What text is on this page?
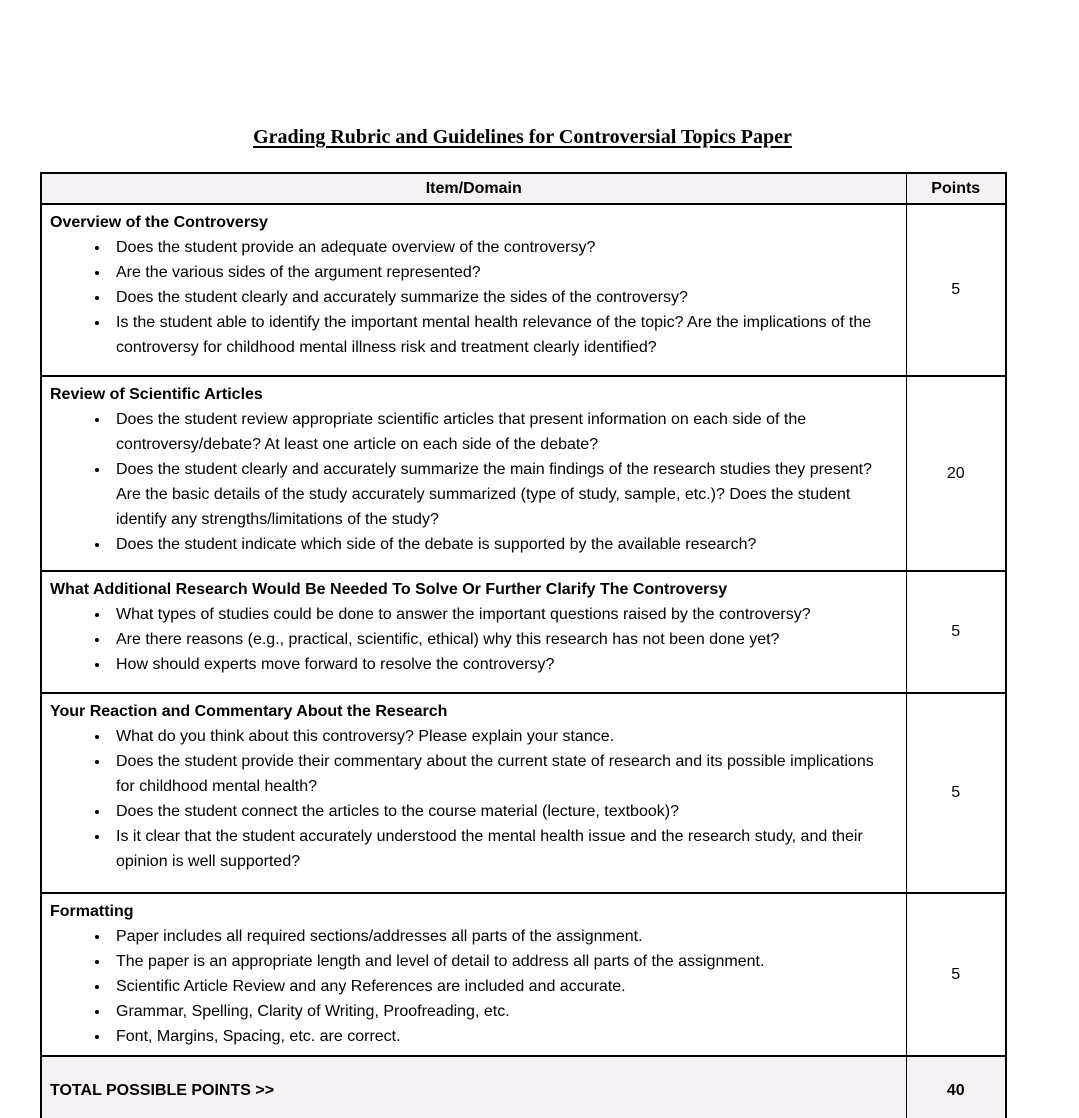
Grading Rubric and Guidelines for Controversial Topics Paper
Item/Domain	Points

Overview of the Controversy
• Does the student provide an adequate overview of the controversy?
• Are the various sides of the argument represented?
• Does the student clearly and accurately summarize the sides of the controversy?
• Is the student able to identify the important mental health relevance of the topic? Are the implications of the controversy for childhood mental illness risk and treatment clearly identified?
	5

Review of Scientific Articles
• Does the student review appropriate scientific articles that present information on each side of the controversy/debate? At least one article on each side of the debate?
• Does the student clearly and accurately summarize the main findings of the research studies they present? Are the basic details of the study accurately summarized (type of study, sample, etc.)? Does the student identify any strengths/limitations of the study?
• Does the student indicate which side of the debate is supported by the available research?
	20

What Additional Research Would Be Needed To Solve Or Further Clarify The Controversy
• What types of studies could be done to answer the important questions raised by the controversy?
• Are there reasons (e.g., practical, scientific, ethical) why this research has not been done yet?
• How should experts move forward to resolve the controversy?
	5

Your Reaction and Commentary About the Research
• What do you think about this controversy? Please explain your stance.
• Does the student provide their commentary about the current state of research and its possible implications for childhood mental health?
• Does the student connect the articles to the course material (lecture, textbook)?
• Is it clear that the student accurately understood the mental health issue and the research study, and their opinion is well supported?
	5

Formatting
• Paper includes all required sections/addresses all parts of the assignment.
• The paper is an appropriate length and level of detail to address all parts of the assignment.
• Scientific Article Review and any References are included and accurate.
• Grammar, Spelling, Clarity of Writing, Proofreading, etc.
• Font, Margins, Spacing, etc. are correct.
	5
TOTAL POSSIBLE POINTS >>	40
